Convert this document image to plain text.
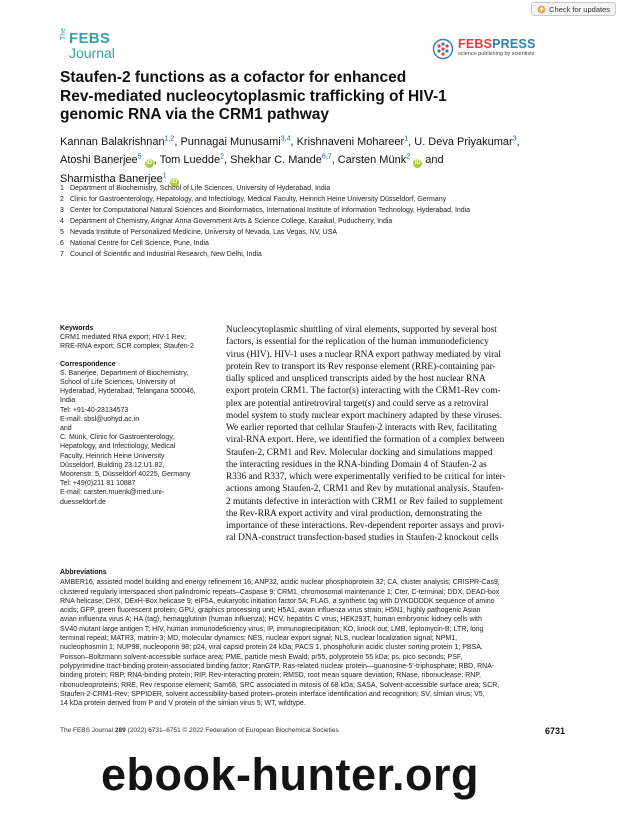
Check for updates
The FEBS
Journal
FEBSPRESS
science publishing by scientists
Staufen-2 functions as a cofactor for enhanced
Rev-mediated nucleocytoplasmic trafficking of HIV-1
genomic RNA via the CRM1 pathway
Kannan Balakrishnan$^{1,2}$, Punnagai Munusami$^{3,4}$, Krishnaveni Mohareer$^1$, U. Deva Priyakumar$^3$,
Atoshi Banerjee$^5$ iD , Tom Luedde$^2$, Shekhar C. Mande$^{6,7}$, Carsten Münk$^2$ iD and
Sharmistha Banerjee$^1$ iD
1 Department of Biochemistry, School of Life Sciences, University of Hyderabad, India
2 Clinic for Gastroenterology, Hepatology, and Infectiology, Medical Faculty, Heinrich Heine University Düsseldorf, Germany
3 Center for Computational Natural Sciences and Bioinformatics, International Institute of Information Technology, Hyderabad, India
4 Department of Chemistry, Arignar Anna Government Arts & Science College, Karaikal, Puducherry, India
5 Nevada Institute of Personalized Medicine, University of Nevada, Las Vegas, NV, USA
6 National Centre for Cell Science, Pune, India
7 Council of Scientific and Industrial Research, New Delhi, India
Keywords
CRM1 mediated RNA export; HIV-1 Rev;
RRE-RNA export; SCR complex; Staufen-2
Correspondence
S. Banerjee, Department of Biochemistry,
School of Life Sciences, University of
Hyderabad, Hyderabad, Telangana 500046,
India
Tel: +91-40-23134573
E-mail: sbsl@uohyd.ac.in
and
C. Münk, Clinic for Gastroenterology,
Hepatology, and Infectiology, Medical
Faculty, Heinrich Heine University
Düsseldorf, Building 23.12.U1.82,
Moorenstr. 5, Düsseldorf 40225, Germany
Tel: +49(0)211 81 10887
E-mail: carsten.muenk@med.uni-
duesseldorf.de
Nucleocytoplasmic shuttling of viral elements, supported by several host
factors, is essential for the replication of the human immunodeficiency
virus (HIV). HIV-1 uses a nuclear RNA export pathway mediated by viral
protein Rev to transport its Rev response element (RRE)-containing par-
tially spliced and unspliced transcripts aided by the host nuclear RNA
export protein CRM1. The factor(s) interacting with the CRM1-Rev com-
plex are potential antiretroviral target(s) and could serve as a retroviral
model system to study nuclear export machinery adapted by these viruses.
We earlier reported that cellular Staufen-2 interacts with Rev, facilitating
viral-RNA export. Here, we identified the formation of a complex between
Staufen-2, CRM1 and Rev. Molecular docking and simulations mapped
the interacting residues in the RNA-binding Domain 4 of Staufen-2 as
R336 and R337, which were experimentally verified to be critical for inter-
actions among Staufen-2, CRM1 and Rev by mutational analysis. Staufen-
2 mutants defective in interaction with CRM1 or Rev failed to supplement
the Rev-RRA export activity and viral production, demonstrating the
importance of these interactions. Rev-dependent reporter assays and provi-
ral DNA-construct transfection-based studies in Staufen-2 knockout cells
Abbreviations
AMBER16, assisted model building and energy refinement 16; ANP32, acidic nuclear phosphoprotein 32; CA, cluster analysis; CRISPR-Cas9,
clustered regularly interspaced short palindromic repeats–Caspase 9; CRM1, chromosomal maintenance 1; Cter, C-terminal; DDX, DEAD-box
RNA helicase; DHX, DExH-Box helicase 9; eIF5A, eukaryotic initiation factor 5A; FLAG, a synthetic tag with DYKDDDDK sequence of amino
acids; GFP, green fluorescent protein; GPU, graphics processing unit; H5A1, avian influenza virus strain; H5N1, highly pathogenic Asian
avian influenza virus A; HA (tag), hemagglutinin (human influenza); HCV, hepatitis C virus; HEK293T, human embryonic kidney cells with
SV40 mutant large antigen T; HIV, human immunodeficiency virus; IP, immunoprecipitation; KO, knock out; LMB, leptomycin-B; LTR, long
terminal repeat; MATR3, matrin-3; MD, molecular dynamics; NES, nuclear export signal; NLS, nuclear localization signal; NPM1,
nucleophosmin 1; NUP98, nucleoporin 98; p24, viral capsid protein 24 kDa; PACS 1, phosphofurin acidic cluster sorting protein 1; PBSA,
Poisson–Boltzmann solvent-accessible surface area; PME, particle mesh Ewald; pr55, polyprotein 55 kDa; ps, pico seconds; PSF,
polypyrimidine tract-binding protein-associated binding factor; RanGTP, Ras-related nuclear protein—guanosine-5′-triphosphate; RBD, RNA-
binding protein; RBP, RNA-binding protein; RIP, Rev-interacting protein; RMSD, root mean square deviation; RNase, ribonuclease; RNP,
ribonucleoproteins; RRE, Rev response element; Sam68, SRC associated in mitosis of 68 kDa; SASA, Solvent-accessible surface area; SCR,
Staufen-2-CRM1-Rev; SPPIDER, solvent accessibility-based protein–protein interface identification and recognition; SV, simian virus; V5,
14 kDa protein derived from P and V protein of the simian virus 5; WT, wildtype.
The FEBS Journal 289 (2022) 6731–6751 © 2022 Federation of European Biochemical Societies	6731
ebook-hunter.org
